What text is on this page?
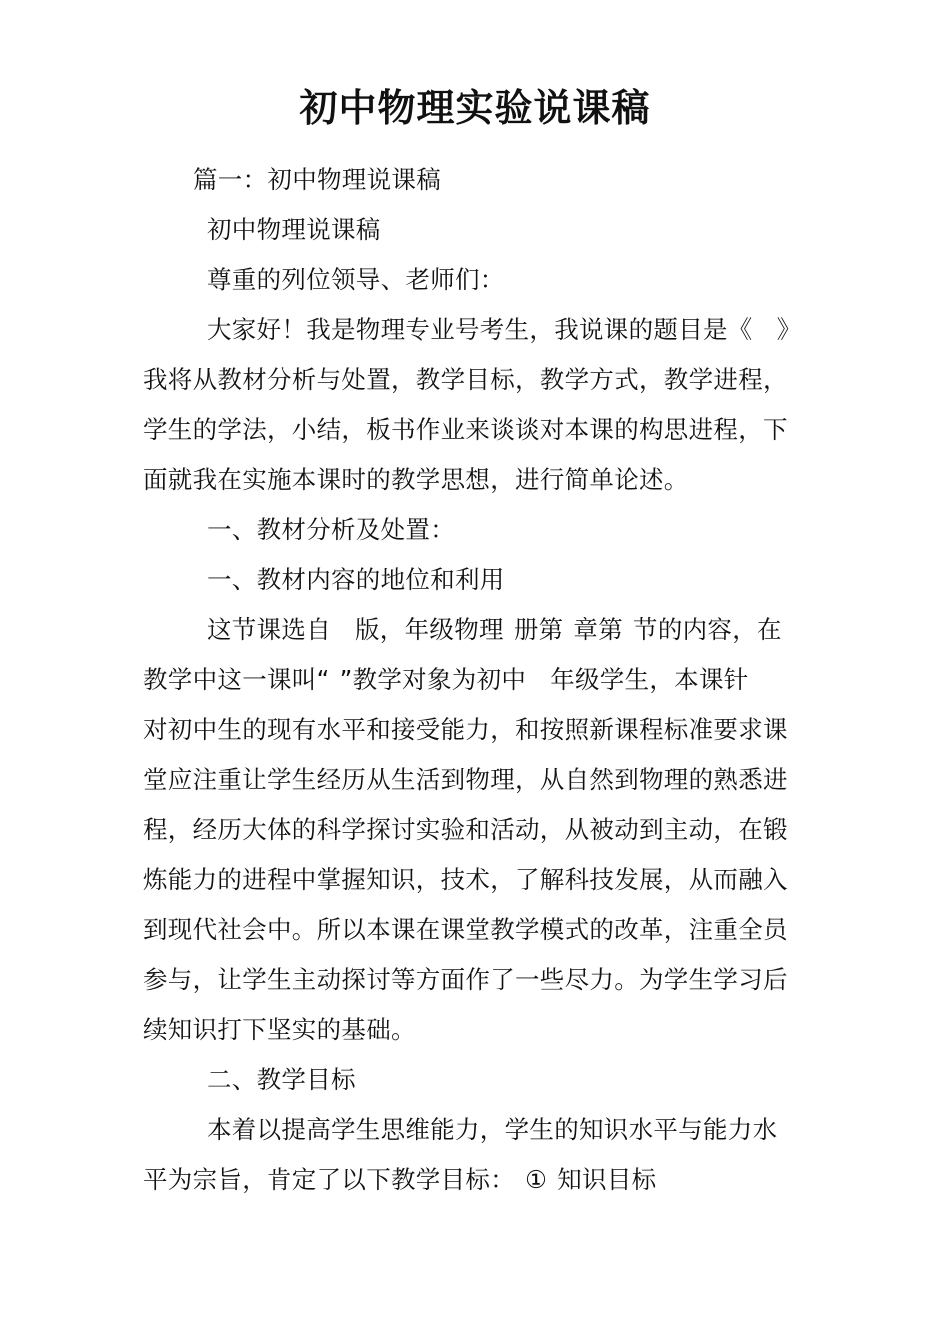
初中物理实验说课稿
篇一：初中物理说课稿
初中物理说课稿
尊重的列位领导、老师们：
大家好！我是物理专业号考生，我说课的题目是《 》
我将从教材分析与处置，教学目标，教学方式，教学进程，
学生的学法，小结，板书作业来谈谈对本课的构思进程，下
面就我在实施本课时的教学思想，进行简单论述。
一、教材分析及处置：
一、教材内容的地位和利用
这节课选自 版，年级物理 册第 章第 节的内容，在
教学中这一课叫“ ”教学对象为初中 年级学生，本课针
对初中生的现有水平和接受能力，和按照新课程标准要求课
堂应注重让学生经历从生活到物理，从自然到物理的熟悉进
程，经历大体的科学探讨实验和活动，从被动到主动，在锻
炼能力的进程中掌握知识，技术，了解科技发展，从而融入
到现代社会中。所以本课在课堂教学模式的改革，注重全员
参与，让学生主动探讨等方面作了一些尽力。为学生学习后
续知识打下坚实的基础。
二、教学目标
本着以提高学生思维能力，学生的知识水平与能力水
平为宗旨，肯定了以下教学目标： ① 知识目标
